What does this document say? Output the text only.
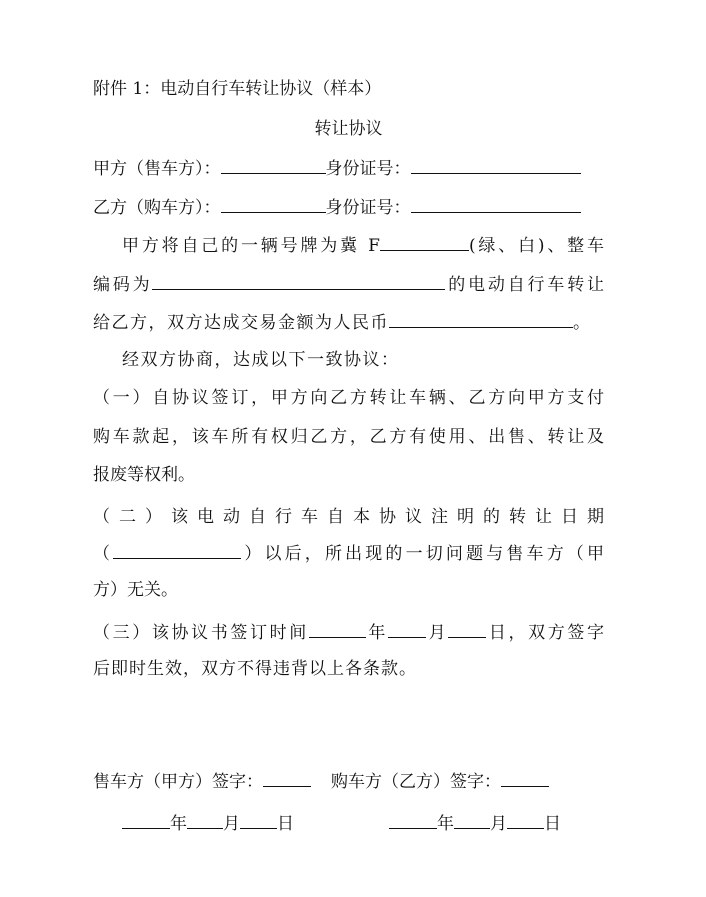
附件 1：电动自行车转让协议（样本）
转让协议
甲方（售车方）：	身份证号：
乙方（购车方）：	身份证号：
甲方将自己的一辆号牌为冀 F	(绿、白)、整车
编码为	的电动自行车转让
给乙方，双方达成交易金额为人民币	。
经双方协商，达成以下一致协议：
（一）自协议签订，甲方向乙方转让车辆、乙方向甲方支付
购车款起，该车所有权归乙方，乙方有使用、出售、转让及
报废等权利。
（二）该电动自行车自本协议注明的转让日期
（	）以后，所出现的一切问题与售车方（甲
方）无关。
（三）该协议书签订时间	年 月 日，双方签字
后即时生效，双方不得违背以上各条款。
售车方（甲方）签字：	购车方（乙方）签字：
年 月 日	年 月 日
